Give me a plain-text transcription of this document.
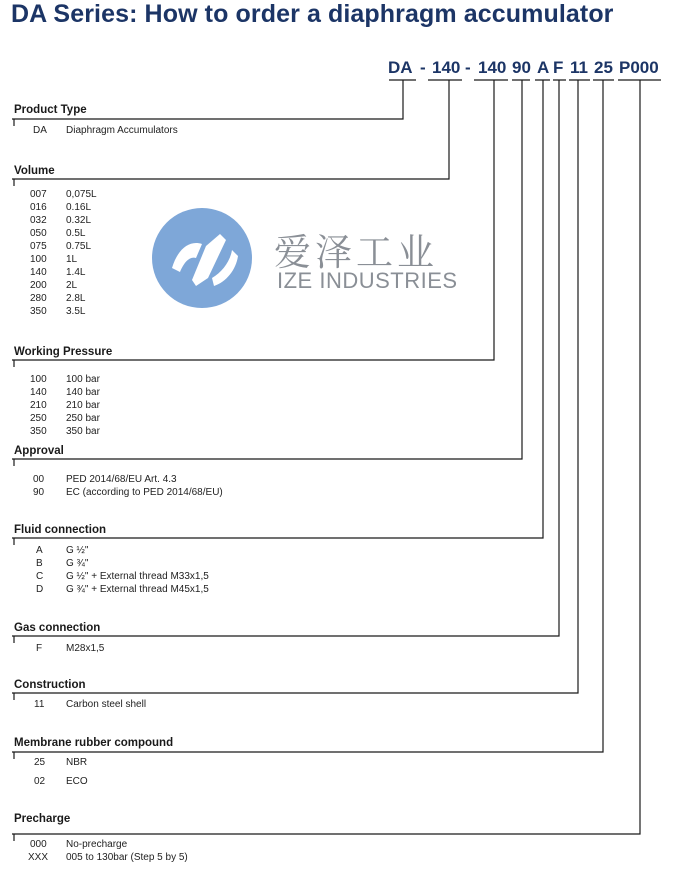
DA Series: How to order a diaphragm accumulator
DA - 140 - 140 90 A F 11 25 P000
爱泽工业
IZE INDUSTRIES
Product Type
DA Diaphragm Accumulators
Volume
007 0,075L
016 0.16L
032 0.32L
050 0.5L
075 0.75L
100 1L
140 1.4L
200 2L
280 2.8L
350 3.5L
Working Pressure
100 100 bar
140 140 bar
210 210 bar
250 250 bar
350 350 bar
Approval
00 PED 2014/68/EU Art. 4.3
90 EC (according to PED 2014/68/EU)
Fluid connection
A G ½"
B G ¾"
C G ½" + External thread M33x1,5
D G ¾" + External thread M45x1,5
Gas connection
F M28x1,5
Construction
11 Carbon steel shell
Membrane rubber compound
25 NBR
02 ECO
Precharge
000 No-precharge
XXX 005 to 130bar (Step 5 by 5)
